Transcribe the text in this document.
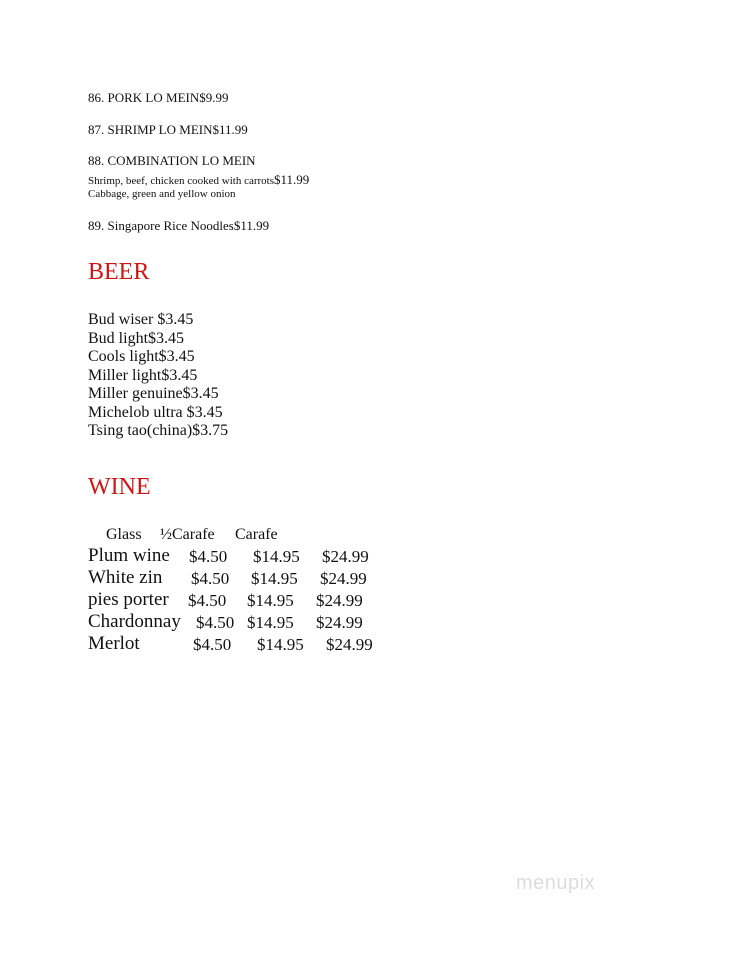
86. PORK LO MEIN$9.99
87. SHRIMP LO MEIN$11.99
88. COMBINATION LO MEIN
Shrimp, beef, chicken cooked with carrots$11.99
Cabbage, green and yellow onion
89. Singapore Rice Noodles$11.99
BEER
Bud wiser $3.45
Bud light$3.45
Cools light$3.45
Miller light$3.45
Miller genuine$3.45
Michelob ultra $3.45
Tsing tao(china)$3.75
WINE
Glass ½Carafe Carafe
Plum wine $4.50 $14.95 $24.99
White zin $4.50 $14.95 $24.99
pies porter $4.50 $14.95 $24.99
Chardonnay $4.50 $14.95 $24.99
Merlot	$4.50 $14.95 $24.99
menupix
